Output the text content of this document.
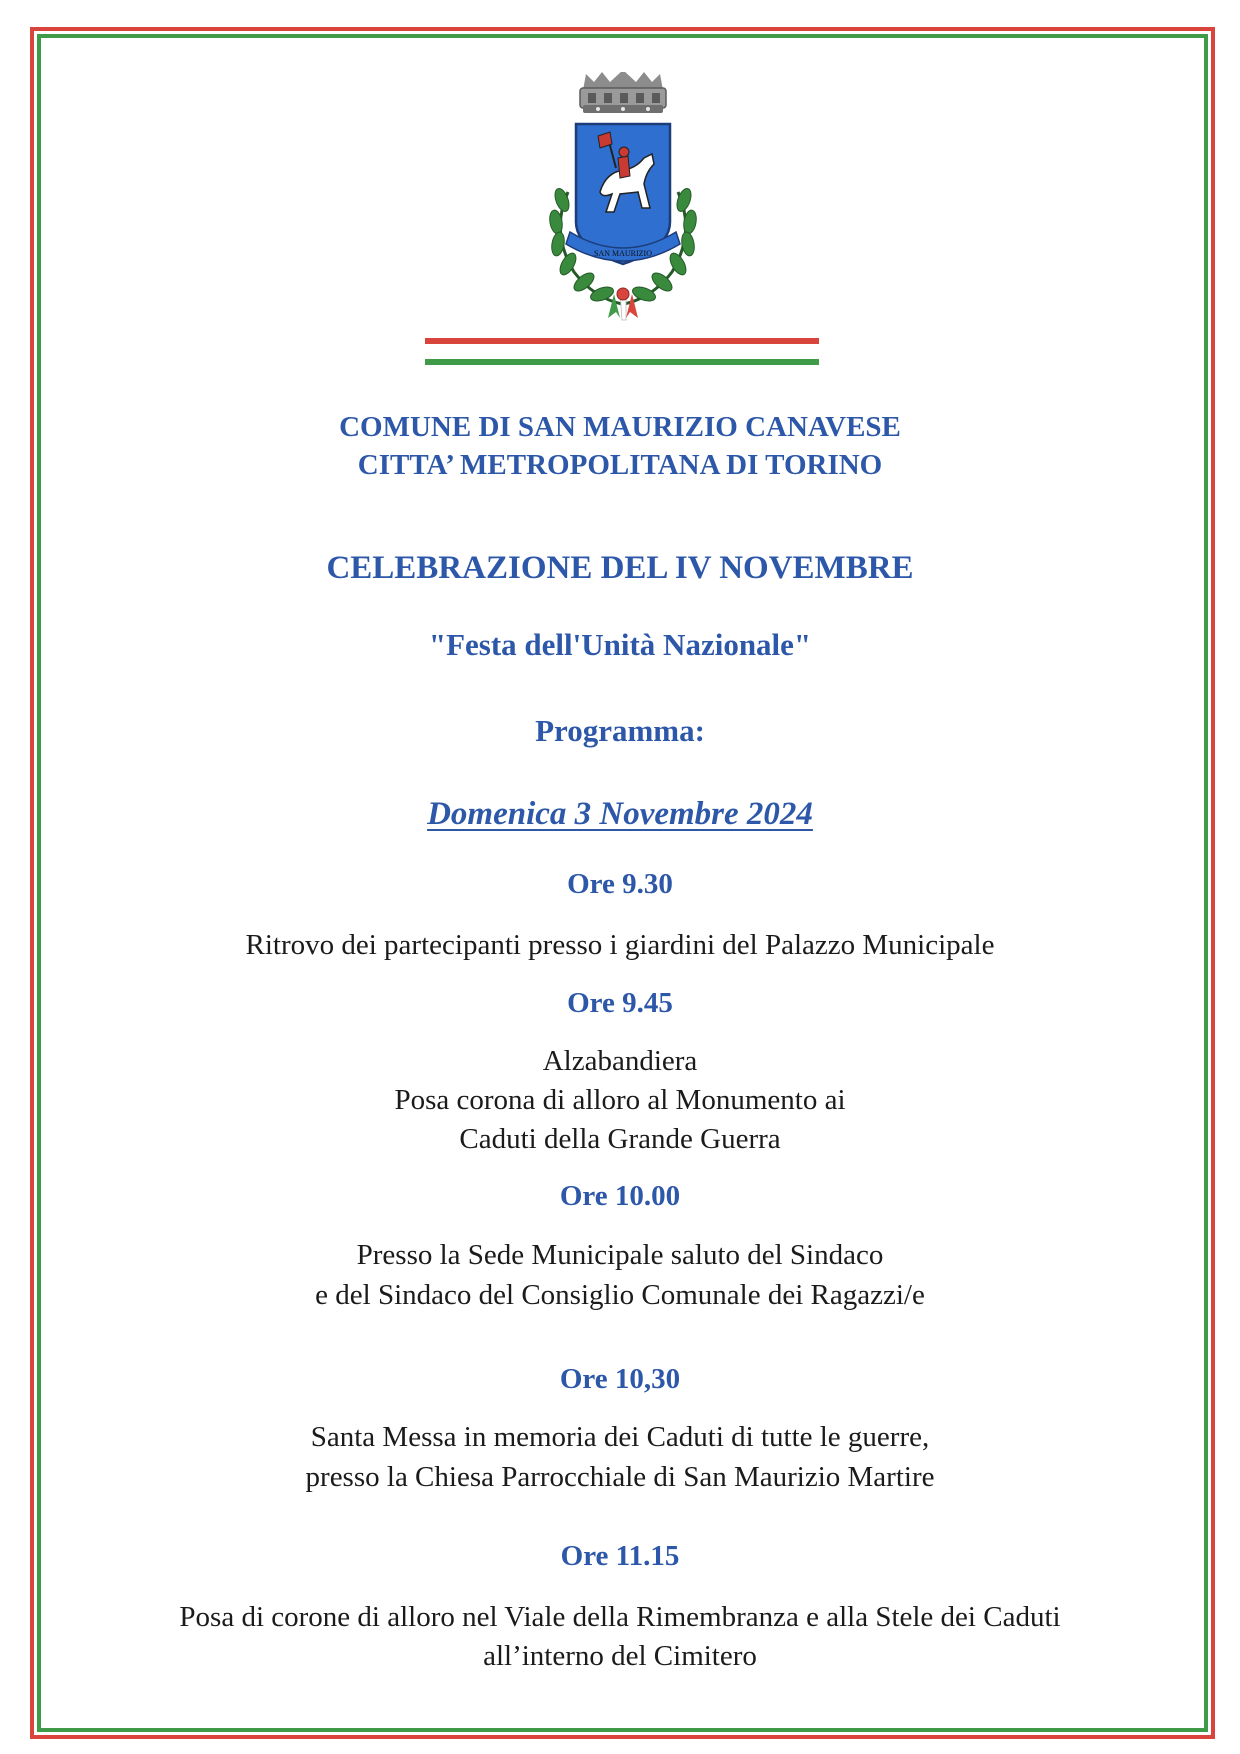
SAN MAURIZIO

COMUNE DI SAN MAURIZIO CANAVESE

CITTA’ METROPOLITANA DI TORINO

CELEBRAZIONE DEL IV NOVEMBRE

"Festa dell'Unità Nazionale"

Programma:

Domenica 3 Novembre 2024

Ore 9.30

Ritrovo dei partecipanti presso i giardini del Palazzo Municipale

Ore 9.45

Alzabandiera

Posa corona di alloro al Monumento ai

Caduti della Grande Guerra

Ore 10.00

Presso la Sede Municipale saluto del Sindaco

e del Sindaco del Consiglio Comunale dei Ragazzi/e

Ore 10,30

Santa Messa in memoria dei Caduti di tutte le guerre,

presso la Chiesa Parrocchiale di San Maurizio Martire

Ore 11.15

Posa di corone di alloro nel Viale della Rimembranza e alla Stele dei Caduti

all’interno del Cimitero
